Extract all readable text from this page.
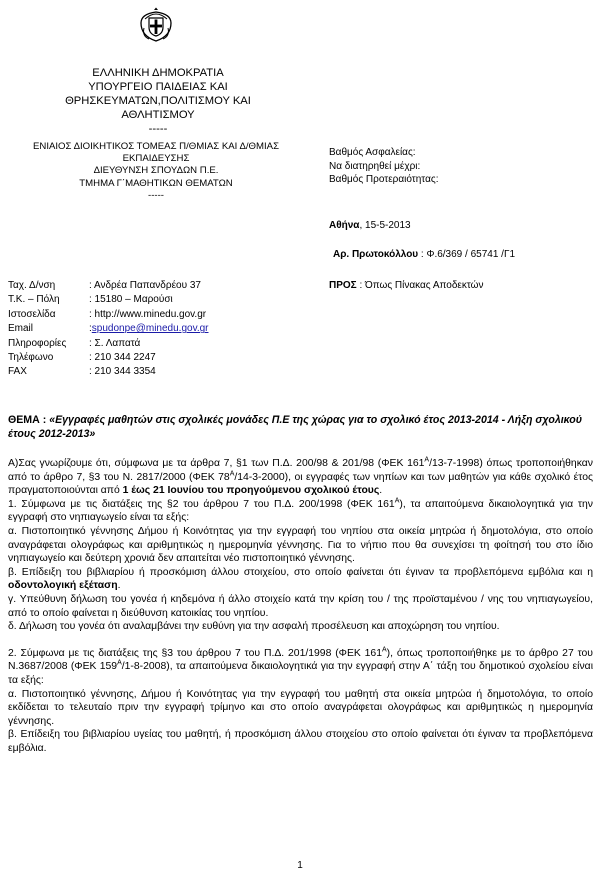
ΕΛΛΗΝΙΚΗ ΔΗΜΟΚΡΑΤΙΑ
ΥΠΟΥΡΓΕΙΟ ΠΑΙΔΕΙΑΣ ΚΑΙ
ΘΡΗΣΚΕΥΜΑΤΩΝ,ΠΟΛΙΤΙΣΜΟΥ ΚΑΙ
ΑΘΛΗΤΙΣΜΟΥ
-----
ΕΝΙΑΙΟΣ ΔΙΟΙΚΗΤΙΚΟΣ ΤΟΜΕΑΣ Π/ΘΜΙΑΣ ΚΑΙ Δ/ΘΜΙΑΣ
ΕΚΠΑΙΔΕΥΣΗΣ
ΔΙΕΥΘΥΝΣΗ ΣΠΟΥΔΩΝ Π.Ε.
ΤΜΗΜΑ Γ΄ΜΑΘΗΤΙΚΩΝ ΘΕΜΑΤΩΝ
-----
Βαθμός Ασφαλείας:
Να διατηρηθεί μέχρι:
Βαθμός Προτεραιότητας:
Αθήνα, 15-5-2013
Αρ. Πρωτοκόλλου : Φ.6/369 / 65741 /Γ1
ΠΡΟΣ : Όπως Πίνακας Αποδεκτών
Ταχ. Δ/νση	: Ανδρέα Παπανδρέου 37
Τ.Κ. – Πόλη	: 15180 – Μαρούσι
Ιστοσελίδα	: http://www.minedu.gov.gr
Email	: spudonpe@minedu.gov.gr
Πληροφορίες	: Σ. Λαπατά
Τηλέφωνο	: 210 344 2247
FAX	: 210 344 3354
ΘΕΜΑ : «Εγγραφές μαθητών στις σχολικές μονάδες Π.Ε της χώρας για το σχολικό έτος 2013-2014 - Λήξη σχολικού έτους 2012-2013»

Α)Σας γνωρίζουμε ότι, σύμφωνα με τα άρθρα 7, §1 των Π.Δ. 200/98 & 201/98 (ΦΕΚ $161^A/13-7-1998$) όπως τροποποιήθηκαν από το άρθρο 7, §3 του Ν. 2817/2000 (ΦΕΚ $78^A/14-3-2000$), οι εγγραφές των νηπίων και των μαθητών για κάθε σχολικό έτος πραγματοποιούνται από 1 έως 21 Ιουνίου του προηγούμενου σχολικού έτους.

1. Σύμφωνα με τις διατάξεις της §2 του άρθρου 7 του Π.Δ. 200/1998 (ΦΕΚ $161^A$), τα απαιτούμενα δικαιολογητικά για την εγγραφή στο νηπιαγωγείο είναι τα εξής:

α. Πιστοποιητικό γέννησης Δήμου ή Κοινότητας για την εγγραφή του νηπίου στα οικεία μητρώα ή δημοτολόγια, στο οποίο αναγράφεται ολογράφως και αριθμητικώς η ημερομηνία γέννησης. Για το νήπιο που θα συνεχίσει τη φοίτησή του στο ίδιο νηπιαγωγείο και δεύτερη χρονιά δεν απαιτείται νέο πιστοποιητικό γέννησης.

β. Επίδειξη του βιβλιαρίου ή προσκόμιση άλλου στοιχείου, στο οποίο φαίνεται ότι έγιναν τα προβλεπόμενα εμβόλια και η οδοντολογική εξέταση.

γ. Υπεύθυνη δήλωση του γονέα ή κηδεμόνα ή άλλο στοιχείο κατά την κρίση του / της προϊσταμένου / νης του νηπιαγωγείου, από το οποίο φαίνεται η διεύθυνση κατοικίας του νηπίου.

δ. Δήλωση του γονέα ότι αναλαμβάνει την ευθύνη για την ασφαλή προσέλευση και αποχώρηση του νηπίου.

2. Σύμφωνα με τις διατάξεις της §3 του άρθρου 7 του Π.Δ. 201/1998 (ΦΕΚ $161^A$), όπως τροποποιήθηκε με το άρθρο 27 του Ν.3687/2008 (ΦΕΚ $159^A/1-8-2008$), τα απαιτούμενα δικαιολογητικά για την εγγραφή στην Α΄ τάξη του δημοτικού σχολείου είναι τα εξής:

α. Πιστοποιητικό γέννησης, Δήμου ή Κοινότητας για την εγγραφή του μαθητή στα οικεία μητρώα ή δημοτολόγια, το οποίο εκδίδεται το τελευταίο πριν την εγγραφή τρίμηνο και στο οποίο αναγράφεται ολογράφως και αριθμητικώς η ημερομηνία γέννησης.

β. Επίδειξη του βιβλιαρίου υγείας του μαθητή, ή προσκόμιση άλλου στοιχείου στο οποίο φαίνεται ότι έγιναν τα προβλεπόμενα εμβόλια.

1
